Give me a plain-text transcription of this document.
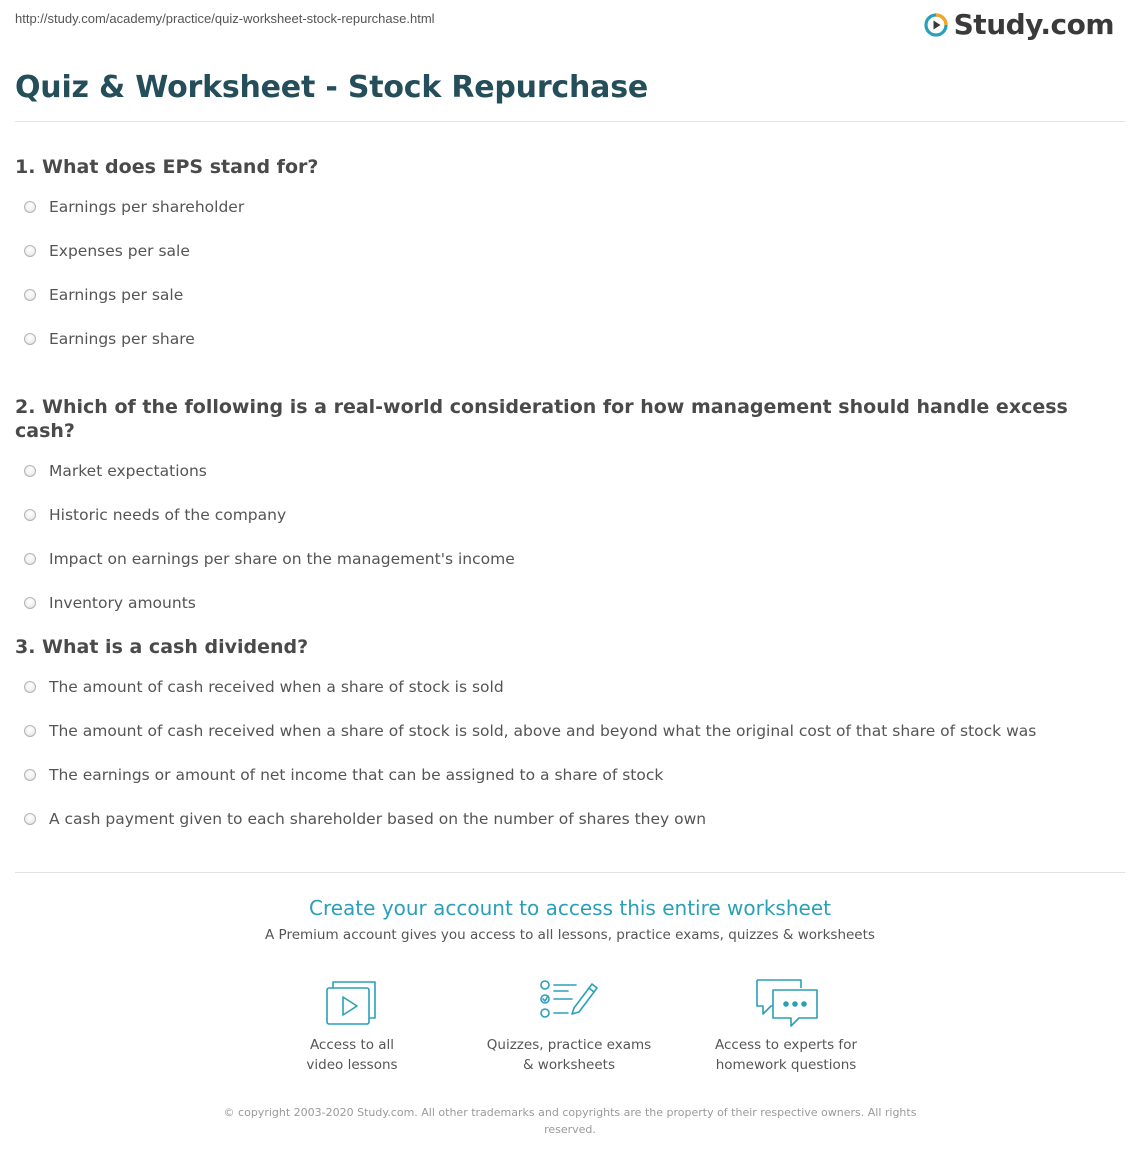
http://study.com/academy/practice/quiz-worksheet-stock-repurchase.html	Study.com
Quiz & Worksheet - Stock Repurchase
1. What does EPS stand for?
Earnings per shareholder
Expenses per sale
Earnings per sale
Earnings per share
2. Which of the following is a real-world consideration for how management should handle excess cash?
Market expectations
Historic needs of the company
Impact on earnings per share on the management's income
Inventory amounts
3. What is a cash dividend?
The amount of cash received when a share of stock is sold
The amount of cash received when a share of stock is sold, above and beyond what the original cost of that share of stock was
The earnings or amount of net income that can be assigned to a share of stock
A cash payment given to each shareholder based on the number of shares they own
Create your account to access this entire worksheet
A Premium account gives you access to all lessons, practice exams, quizzes & worksheets
Access to all
video lessons
Quizzes, practice exams
& worksheets
Access to experts for
homework questions
© copyright 2003-2020 Study.com. All other trademarks and copyrights are the property of their respective owners. All rights reserved.
